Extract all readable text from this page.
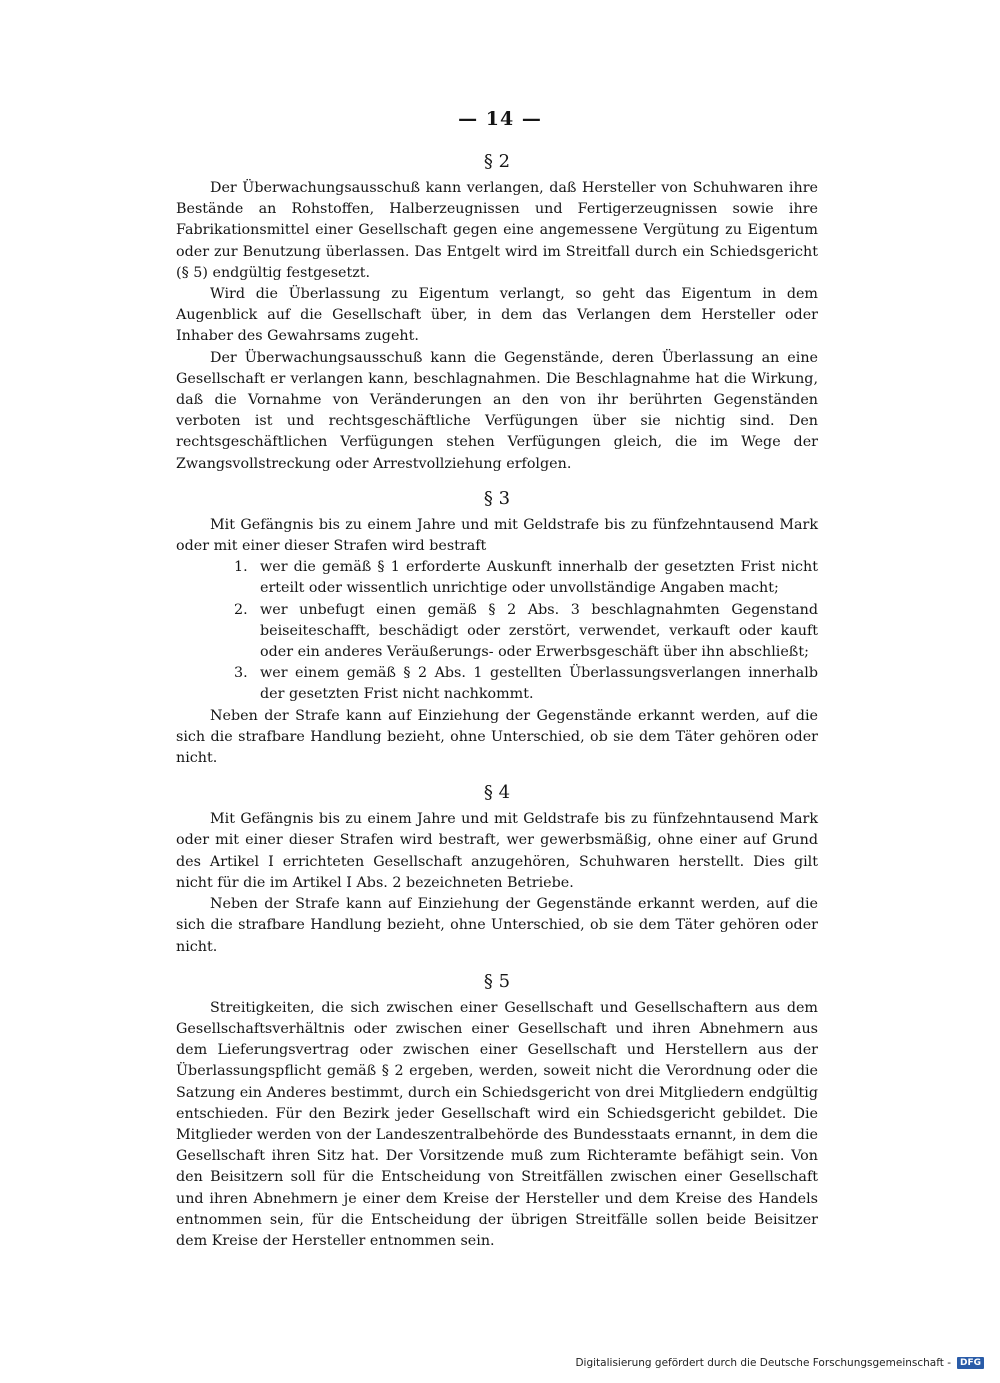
— 14 —
§ 2

Der Überwachungsausschuß kann verlangen, daß Hersteller von Schuhwaren ihre Bestände an Rohstoffen, Halberzeugnissen und Fertigerzeugnissen sowie ihre Fabrikationsmittel einer Gesellschaft gegen eine angemessene Vergütung zu Eigentum oder zur Benutzung überlassen. Das Entgelt wird im Streitfall durch ein Schiedsgericht (§ 5) endgültig festgesetzt.

Wird die Überlassung zu Eigentum verlangt, so geht das Eigentum in dem Augenblick auf die Gesellschaft über, in dem das Verlangen dem Hersteller oder Inhaber des Gewahrsams zugeht.

Der Überwachungsausschuß kann die Gegenstände, deren Überlassung an eine Gesellschaft er verlangen kann, beschlagnahmen. Die Beschlagnahme hat die Wirkung, daß die Vornahme von Veränderungen an den von ihr berührten Gegenständen verboten ist und rechtsgeschäftliche Verfügungen über sie nichtig sind. Den rechtsgeschäftlichen Verfügungen stehen Verfügungen gleich, die im Wege der Zwangsvollstreckung oder Arrestvollziehung erfolgen.

§ 3

Mit Gefängnis bis zu einem Jahre und mit Geldstrafe bis zu fünfzehntausend Mark oder mit einer dieser Strafen wird bestraft

1. wer die gemäß § 1 erforderte Auskunft innerhalb der gesetzten Frist nicht erteilt oder wissentlich unrichtige oder unvollständige Angaben macht;
2. wer unbefugt einen gemäß § 2 Abs. 3 beschlagnahmten Gegenstand beiseiteschafft, beschädigt oder zerstört, verwendet, verkauft oder kauft oder ein anderes Veräußerungs- oder Erwerbsgeschäft über ihn abschließt;
3. wer einem gemäß § 2 Abs. 1 gestellten Überlassungsverlangen innerhalb der gesetzten Frist nicht nachkommt.

Neben der Strafe kann auf Einziehung der Gegenstände erkannt werden, auf die sich die strafbare Handlung bezieht, ohne Unterschied, ob sie dem Täter gehören oder nicht.

§ 4

Mit Gefängnis bis zu einem Jahre und mit Geldstrafe bis zu fünfzehntausend Mark oder mit einer dieser Strafen wird bestraft, wer gewerbsmäßig, ohne einer auf Grund des Artikel I errichteten Gesellschaft anzugehören, Schuhwaren herstellt. Dies gilt nicht für die im Artikel I Abs. 2 bezeichneten Betriebe.

Neben der Strafe kann auf Einziehung der Gegenstände erkannt werden, auf die sich die strafbare Handlung bezieht, ohne Unterschied, ob sie dem Täter gehören oder nicht.

§ 5

Streitigkeiten, die sich zwischen einer Gesellschaft und Gesellschaftern aus dem Gesellschaftsverhältnis oder zwischen einer Gesellschaft und ihren Abnehmern aus dem Lieferungsvertrag oder zwischen einer Gesellschaft und Herstellern aus der Überlassungspflicht gemäß § 2 ergeben, werden, soweit nicht die Verordnung oder die Satzung ein Anderes bestimmt, durch ein Schiedsgericht von drei Mitgliedern endgültig entschieden. Für den Bezirk jeder Gesellschaft wird ein Schiedsgericht gebildet. Die Mitglieder werden von der Landeszentralbehörde des Bundesstaats ernannt, in dem die Gesellschaft ihren Sitz hat. Der Vorsitzende muß zum Richteramte befähigt sein. Von den Beisitzern soll für die Entscheidung von Streitfällen zwischen einer Gesellschaft und ihren Abnehmern je einer dem Kreise der Hersteller und dem Kreise des Handels entnommen sein, für die Entscheidung der übrigen Streitfälle sollen beide Beisitzer dem Kreise der Hersteller entnommen sein.

Digitalisierung gefördert durch die Deutsche Forschungsgemeinschaft -	DFG
